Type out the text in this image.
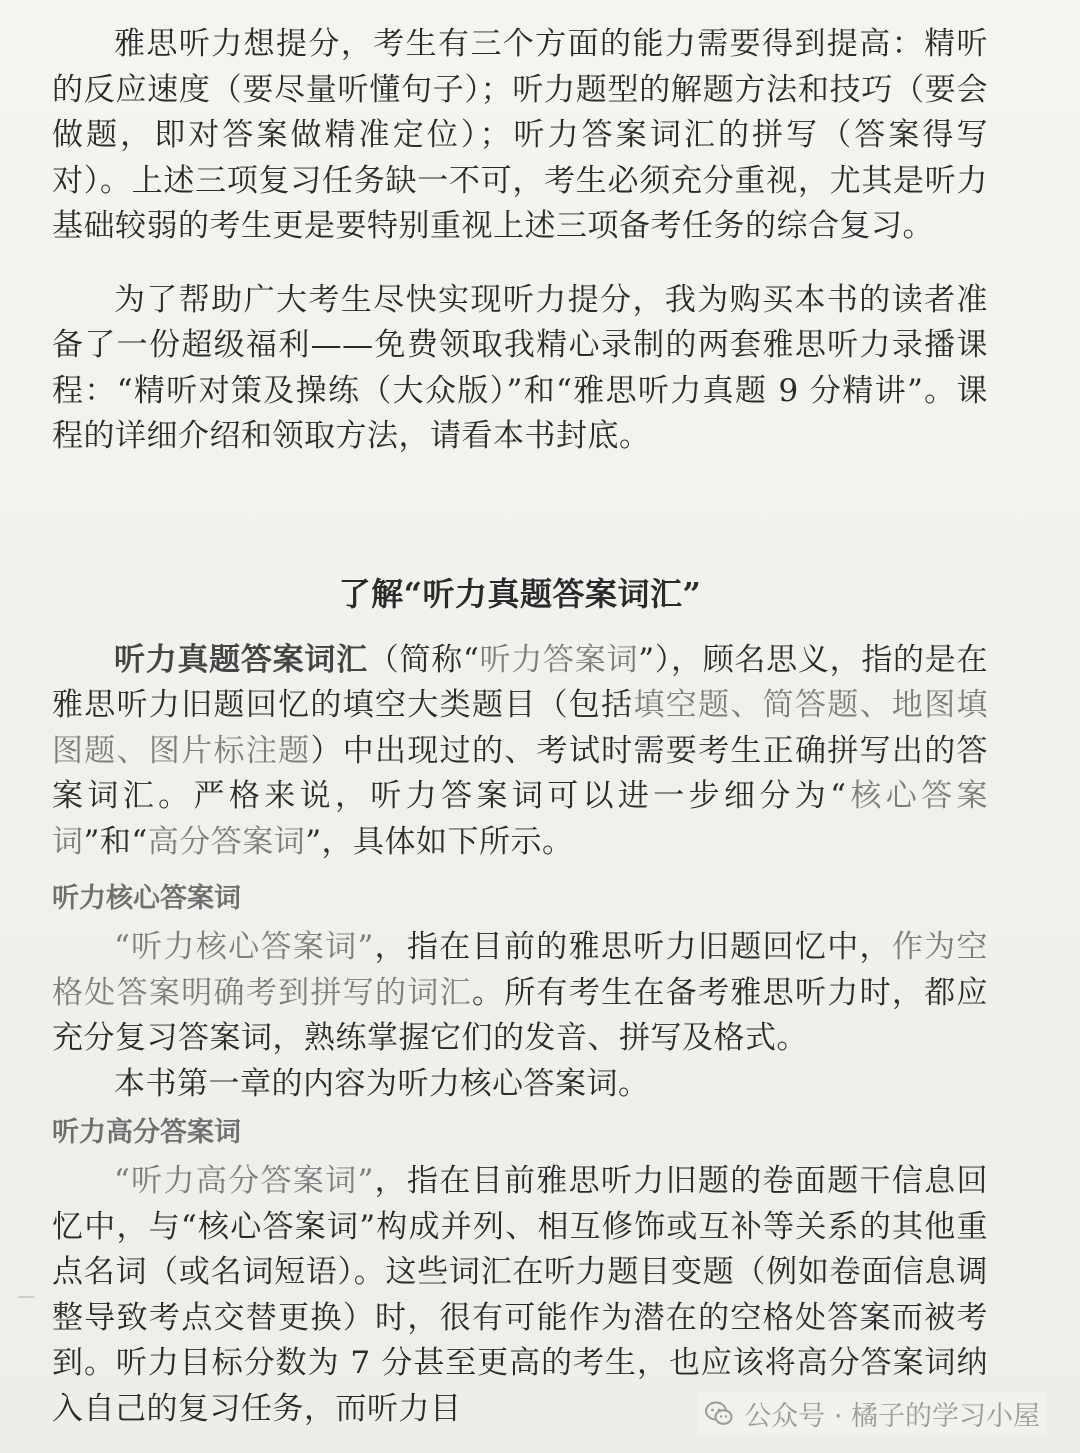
雅思听力想提分，考生有三个方面的能力需要得到提高：精听的反应速度（要尽量听懂句子）；听力题型的解题方法和技巧（要会做题，即对答案做精准定位）；听力答案词汇的拼写（答案得写对）。上述三项复习任务缺一不可，考生必须充分重视，尤其是听力基础较弱的考生更是要特别重视上述三项备考任务的综合复习。

为了帮助广大考生尽快实现听力提分，我为购买本书的读者准备了一份超级福利——免费领取我精心录制的两套雅思听力录播课程：“精听对策及操练（大众版）”和“雅思听力真题 9 分精讲”。课程的详细介绍和领取方法，请看本书封底。

了解“听力真题答案词汇”

听力真题答案词汇（简称“听力答案词”），顾名思义，指的是在雅思听力旧题回忆的填空大类题目（包括填空题、简答题、地图填图题、图片标注题）中出现过的、考试时需要考生正确拼写出的答案词汇。严格来说，听力答案词可以进一步细分为“核心答案词”和“高分答案词”，具体如下所示。

听力核心答案词

“听力核心答案词”，指在目前的雅思听力旧题回忆中，作为空格处答案明确考到拼写的词汇。所有考生在备考雅思听力时，都应充分复习答案词，熟练掌握它们的发音、拼写及格式。

本书第一章的内容为听力核心答案词。

听力高分答案词

“听力高分答案词”，指在目前雅思听力旧题的卷面题干信息回忆中，与“核心答案词”构成并列、相互修饰或互补等关系的其他重点名词（或名词短语）。这些词汇在听力题目变题（例如卷面信息调整导致考点交替更换）时，很有可能作为潜在的空格处答案而被考到。听力目标分数为 7 分甚至更高的考生，也应该将高分答案词纳入自己的复习任务，而听力目	公众号 · 橘子的学习小屋
